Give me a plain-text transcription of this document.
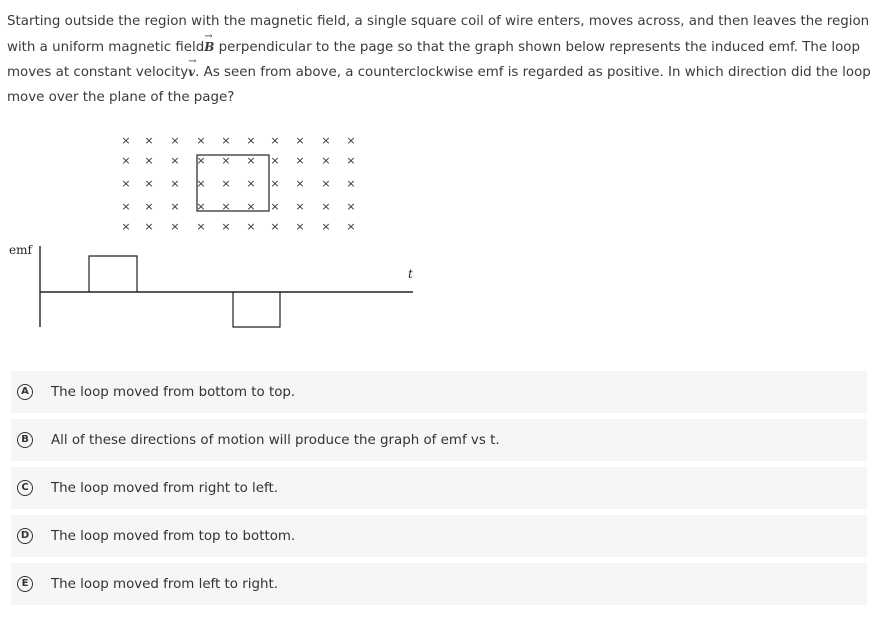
Starting outside the region with the magnetic field, a single square coil of wire enters, moves across, and then leaves the region with a uniform magnetic field→ B perpendicular to the page so that the graph shown below represents the induced emf. The loop moves at constant velocity→ v. As seen from above, a counterclockwise emf is regarded as positive. In which direction did the loop move over the plane of the page?
× × × × × × × × × ×
× × × × × × × × × ×
× × × × × × × × × ×
× × × × × × × × × ×
× × × × × × × × × ×
emf
t
A	The loop moved from bottom to top.
B	All of these directions of motion will produce the graph of emf vs t.
C	The loop moved from right to left.
D The loop moved from top to bottom.
E	The loop moved from left to right.
